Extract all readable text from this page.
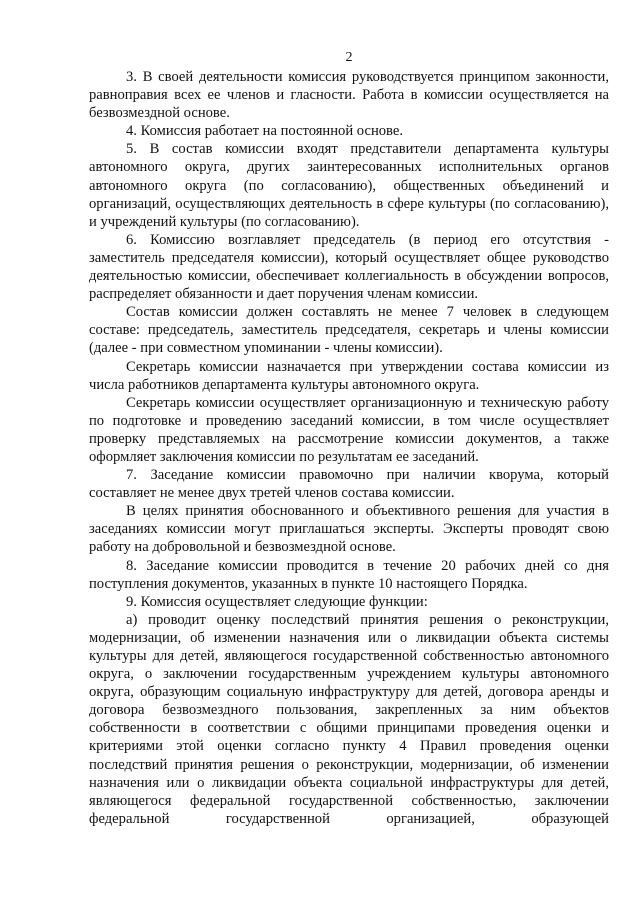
2

3. В своей деятельности комиссия руководствуется принципом законности, равноправия всех ее членов и гласности. Работа в комиссии осуществляется на безвозмездной основе.

4. Комиссия работает на постоянной основе.

5. В состав комиссии входят представители департамента культуры автономного округа, других заинтересованных исполнительных органов автономного округа (по согласованию), общественных объединений и организаций, осуществляющих деятельность в сфере культуры (по согласованию), и учреждений культуры (по согласованию).

6. Комиссию возглавляет председатель (в период его отсутствия - заместитель председателя комиссии), который осуществляет общее руководство деятельностью комиссии, обеспечивает коллегиальность в обсуждении вопросов, распределяет обязанности и дает поручения членам комиссии.

Состав комиссии должен составлять не менее 7 человек в следующем составе: председатель, заместитель председателя, секретарь и члены комиссии (далее - при совместном упоминании - члены комиссии).

Секретарь комиссии назначается при утверждении состава комиссии из числа работников департамента культуры автономного округа.

Секретарь комиссии осуществляет организационную и техническую работу по подготовке и проведению заседаний комиссии, в том числе осуществляет проверку представляемых на рассмотрение комиссии документов, а также оформляет заключения комиссии по результатам ее заседаний.

7. Заседание комиссии правомочно при наличии кворума, который составляет не менее двух третей членов состава комиссии.

В целях принятия обоснованного и объективного решения для участия в заседаниях комиссии могут приглашаться эксперты. Эксперты проводят свою работу на добровольной и безвозмездной основе.

8. Заседание комиссии проводится в течение 20 рабочих дней со дня поступления документов, указанных в пункте 10 настоящего Порядка.

9. Комиссия осуществляет следующие функции:

а) проводит оценку последствий принятия решения о реконструкции, модернизации, об изменении назначения или о ликвидации объекта системы культуры для детей, являющегося государственной собственностью автономного округа, о заключении государственным учреждением культуры автономного округа, образующим социальную инфраструктуру для детей, договора аренды и договора безвозмездного пользования, закрепленных за ним объектов собственности в соответствии с общими принципами проведения оценки и критериями этой оценки согласно пункту 4 Правил проведения оценки последствий принятия решения о реконструкции, модернизации, об изменении назначения или о ликвидации объекта социальной инфраструктуры для детей, являющегося федеральной государственной собственностью, заключении федеральной государственной организацией, образующей
